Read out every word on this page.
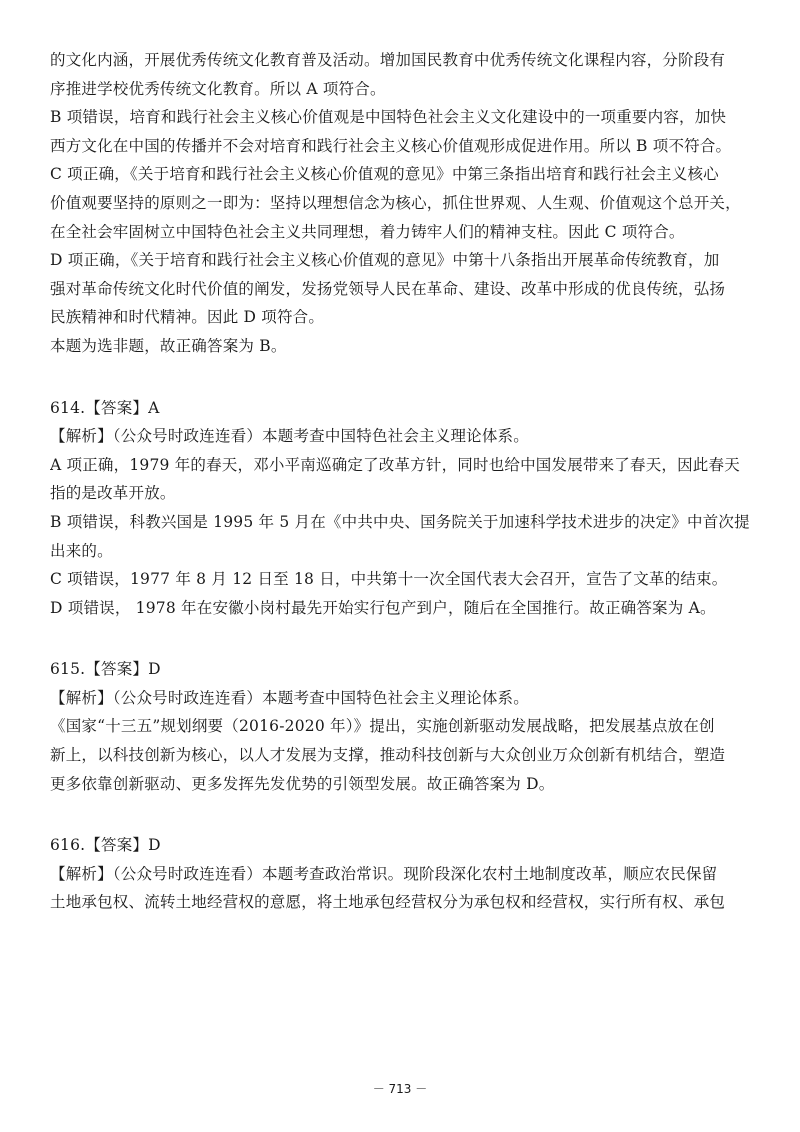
的文化内涵，开展优秀传统文化教育普及活动。增加国民教育中优秀传统文化课程内容，分阶段有
序推进学校优秀传统文化教育。所以 A 项符合。
B 项错误，培育和践行社会主义核心价值观是中国特色社会主义文化建设中的一项重要内容，加快
西方文化在中国的传播并不会对培育和践行社会主义核心价值观形成促进作用。所以 B 项不符合。
C 项正确，《关于培育和践行社会主义核心价值观的意见》中第三条指出培育和践行社会主义核心
价值观要坚持的原则之一即为：坚持以理想信念为核心，抓住世界观、人生观、价值观这个总开关，
在全社会牢固树立中国特色社会主义共同理想，着力铸牢人们的精神支柱。因此 C 项符合。
D 项正确，《关于培育和践行社会主义核心价值观的意见》中第十八条指出开展革命传统教育，加
强对革命传统文化时代价值的阐发，发扬党领导人民在革命、建设、改革中形成的优良传统，弘扬
民族精神和时代精神。因此 D 项符合。
本题为选非题，故正确答案为 B。
614.【答案】A
【解析】（公众号时政连连看）本题考查中国特色社会主义理论体系。
A 项正确，1979 年的春天，邓小平南巡确定了改革方针，同时也给中国发展带来了春天，因此春天
指的是改革开放。
B 项错误，科教兴国是 1995 年 5 月在《中共中央、国务院关于加速科学技术进步的决定》中首次提
出来的。
C 项错误，1977 年 8 月 12 日至 18 日，中共第十一次全国代表大会召开，宣告了文革的结束。
D 项错误， 1978 年在安徽小岗村最先开始实行包产到户，随后在全国推行。故正确答案为 A。
615.【答案】D
【解析】（公众号时政连连看）本题考查中国特色社会主义理论体系。
《国家“十三五”规划纲要（2016-2020 年）》提出，实施创新驱动发展战略，把发展基点放在创
新上，以科技创新为核心，以人才发展为支撑，推动科技创新与大众创业万众创新有机结合，塑造
更多依靠创新驱动、更多发挥先发优势的引领型发展。故正确答案为 D。
616.【答案】D
【解析】（公众号时政连连看）本题考查政治常识。现阶段深化农村土地制度改革，顺应农民保留
土地承包权、流转土地经营权的意愿，将土地承包经营权分为承包权和经营权，实行所有权、承包
－ 713 －
